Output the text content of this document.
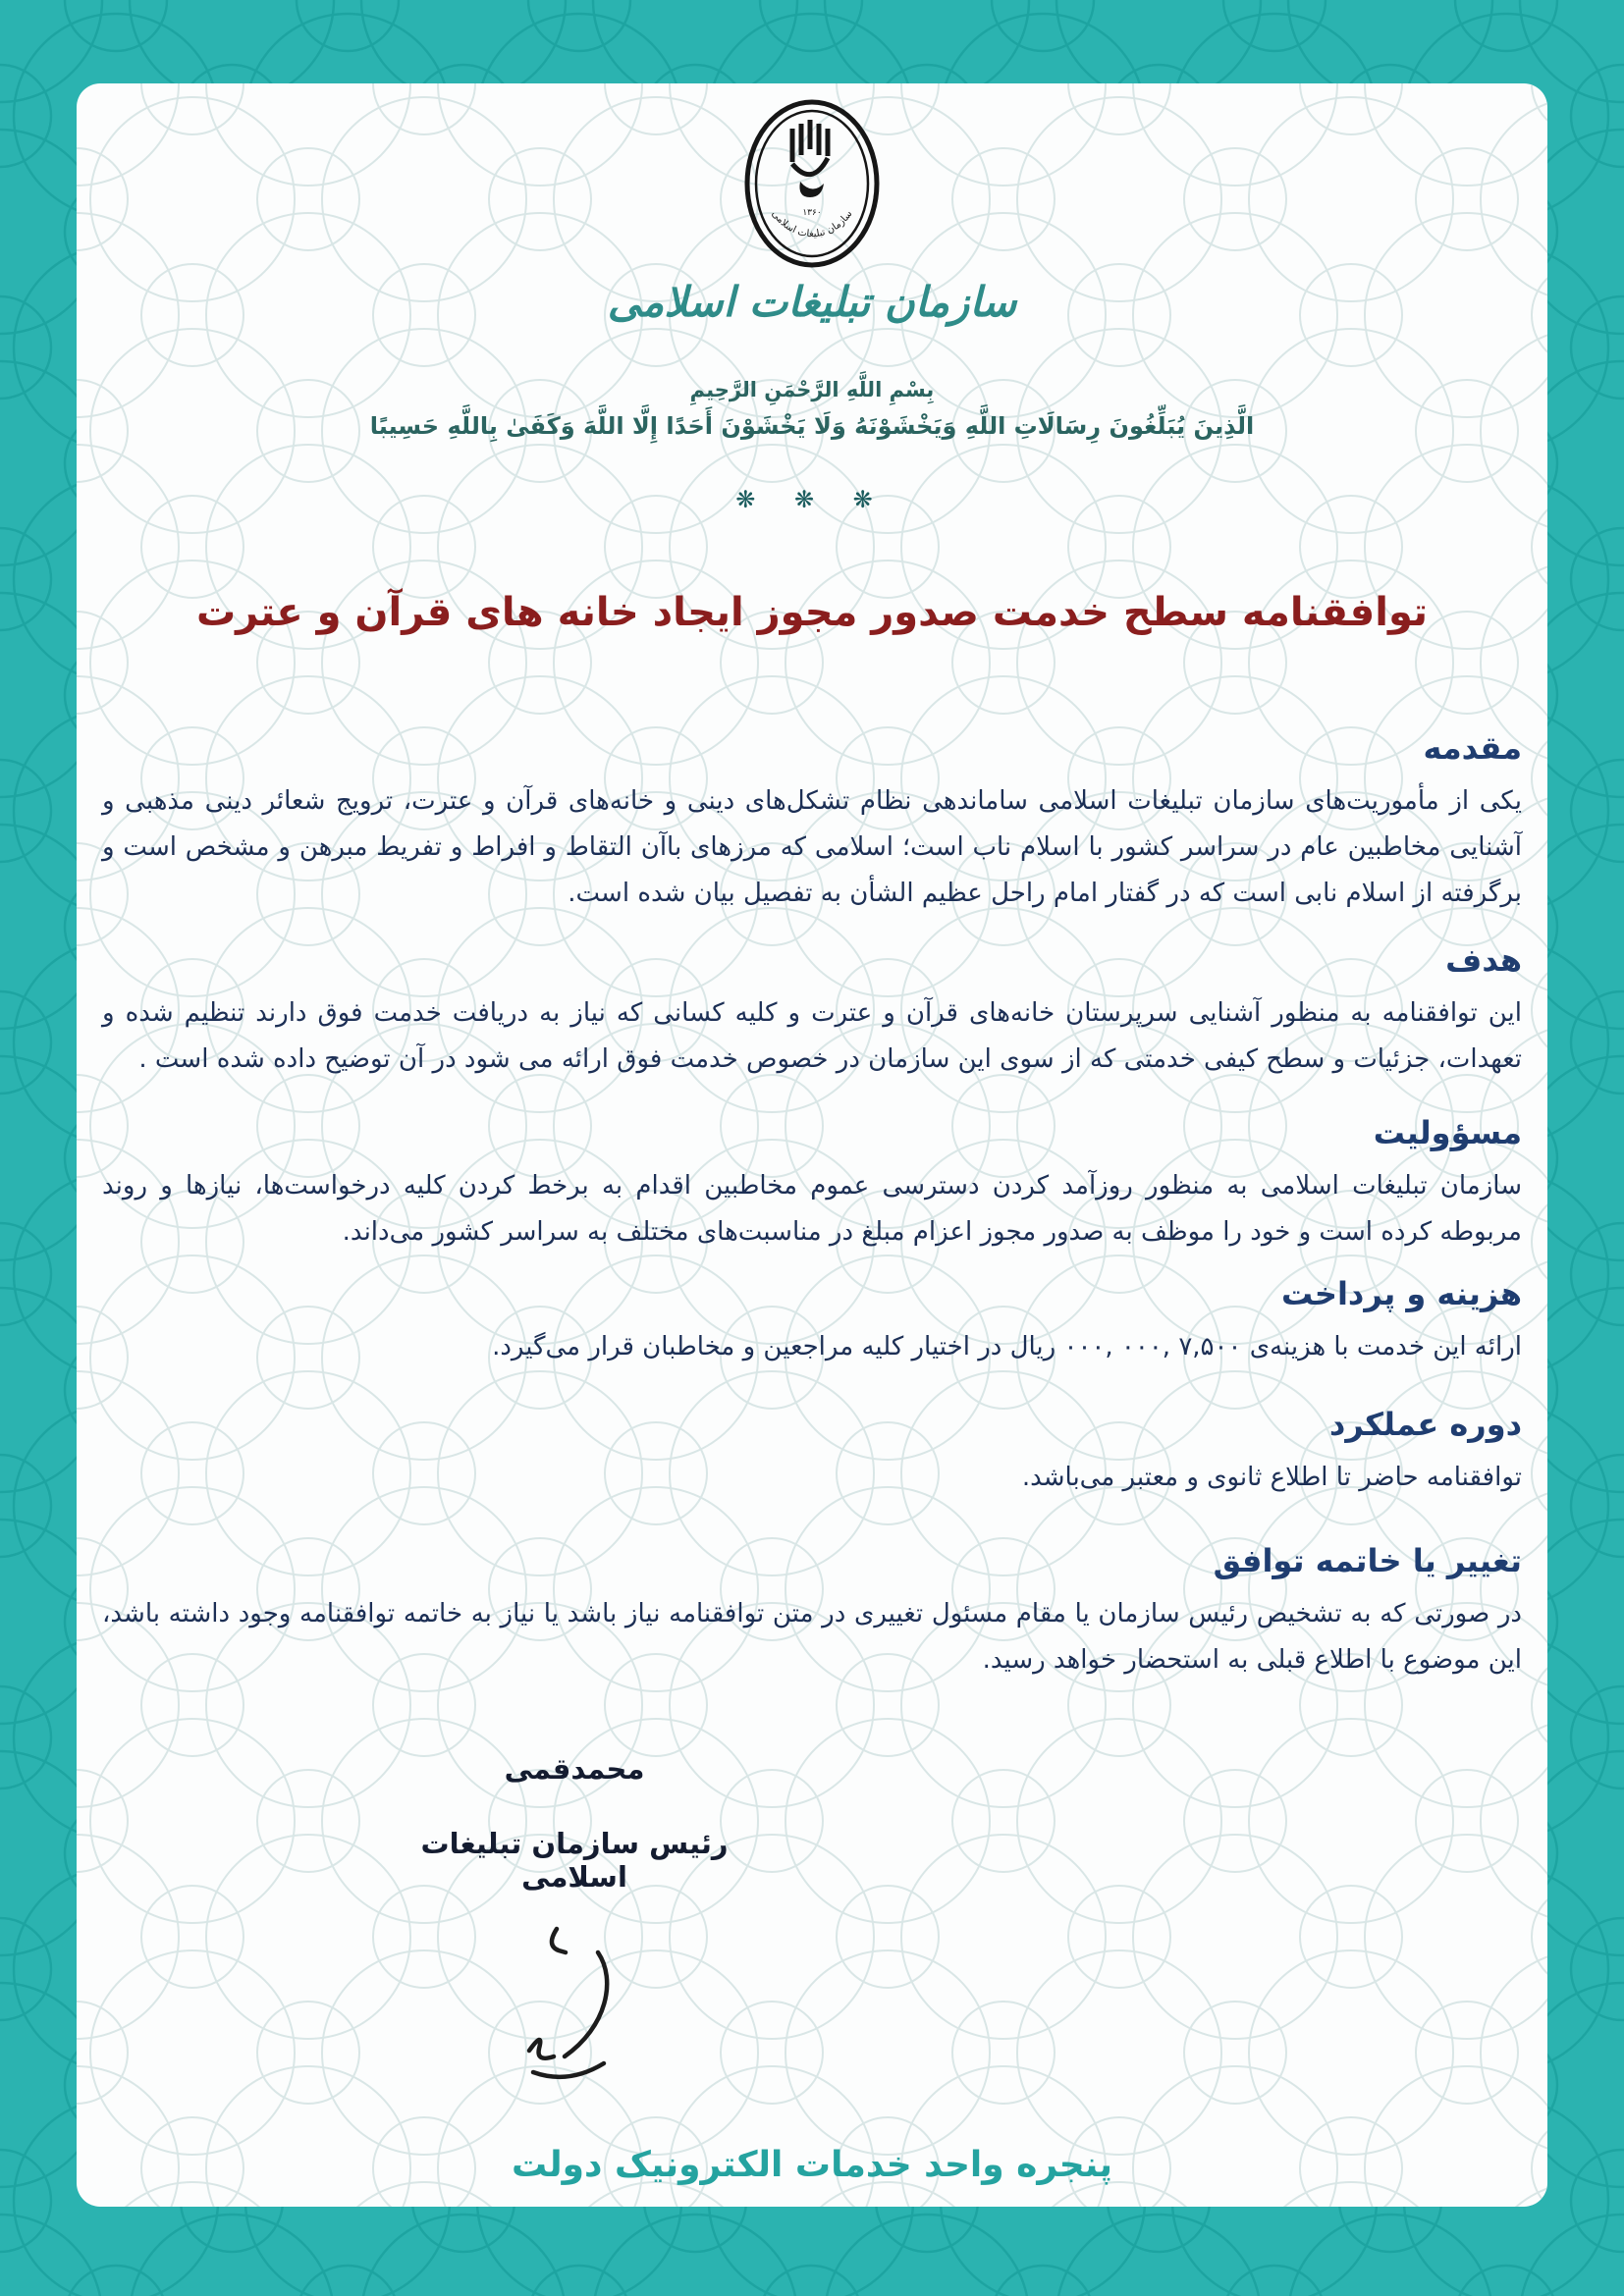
۱۳۶۰
سازمان تبلیغات اسلامی
سازمان تبلیغات اسلامی
بِسْمِ اللَّهِ الرَّحْمَنِ الرَّحِيمِ
الَّذِينَ يُبَلِّغُونَ رِسَالَاتِ اللَّهِ وَيَخْشَوْنَهُ وَلَا يَخْشَوْنَ أَحَدًا إِلَّا اللَّهَ وَكَفَىٰ بِاللَّهِ حَسِيبًا
❋ ❋ ❋
توافقنامه سطح خدمت صدور مجوز ایجاد خانه های قرآن و عترت
مقدمه

یکی از مأموریت‌های سازمان تبلیغات اسلامی ساماندهی نظام تشکل‌های دینی و خانه‌های قرآن و عترت، ترویج شعائر دینی مذهبی و آشنایی مخاطبین عام در سراسر کشور با اسلام ناب است؛ اسلامی که مرزهای باآن التقاط و افراط و تفریط مبرهن و مشخص است و برگرفته از اسلام نابی است که در گفتار امام راحل عظیم الشأن به تفصیل بیان شده است.

هدف

این توافقنامه به منظور آشنایی سرپرستان خانه‌های قرآن و عترت و کلیه کسانی که نیاز به دریافت خدمت فوق دارند تنظیم شده و تعهدات، جزئیات و سطح کیفی خدمتی که از سوی این سازمان در خصوص خدمت فوق ارائه می شود در آن توضیح داده شده است .

مسؤولیت

سازمان تبلیغات اسلامی به منظور روزآمد کردن دسترسی عموم مخاطبین اقدام به برخط کردن کلیه درخواست‌ها، نیازها و روند مربوطه کرده است و خود را موظف به صدور مجوز اعزام مبلغ در مناسبت‌های مختلف به سراسر کشور می‌داند.

هزینه و پرداخت

ارائه این خدمت با هزینه‌ی ۰۰۰, ۰۰۰, ۷,۵۰۰ ریال در اختیار کلیه مراجعین و مخاطبان قرار می‌گیرد.

دوره عملکرد

توافقنامه حاضر تا اطلاع ثانوی و معتبر می‌باشد.

تغییر یا خاتمه توافق

در صورتی که به تشخیص رئیس سازمان یا مقام مسئول تغییری در متن توافقنامه نیاز باشد یا نیاز به خاتمه توافقنامه وجود داشته باشد، این موضوع با اطلاع قبلی به استحضار خواهد رسید.

محمدقمی
رئیس سازمان تبلیغات اسلامی
پنجره واحد خدمات الکترونیک دولت
